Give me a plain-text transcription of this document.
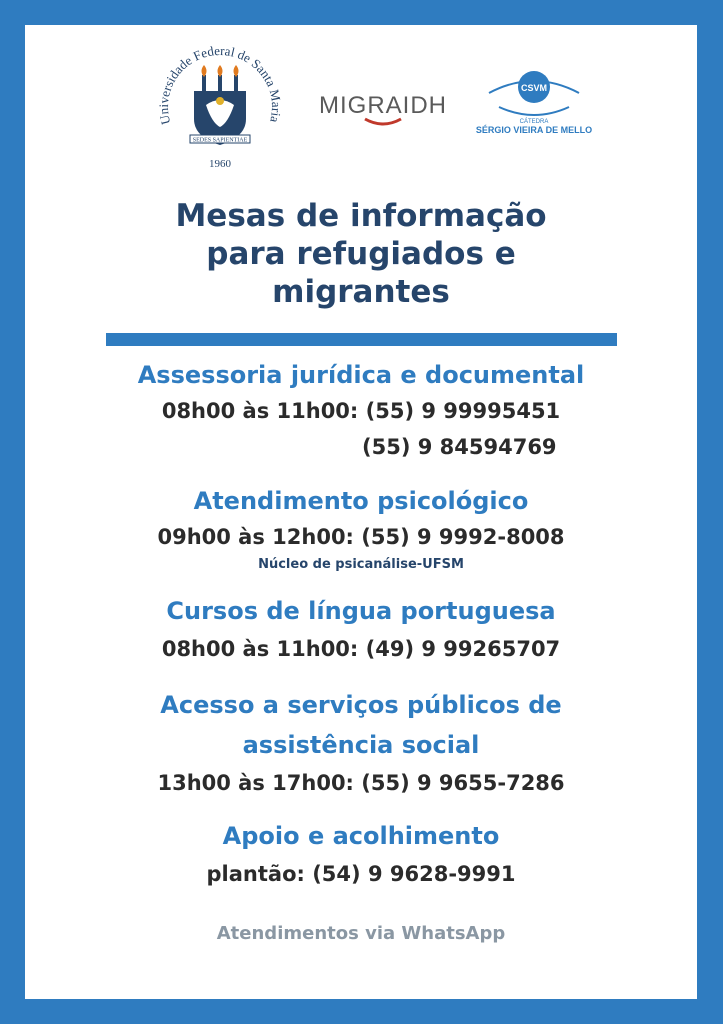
Universidade Federal de Santa Maria
SEDES SAPIENTIAE
1960
MIGRAIDH
CSVM
CÁTEDRA
SÉRGIO VIEIRA DE MELLO
Mesas de informação
para refugiados e
migrantes
Assessoria jurídica e documental
08h00 às 11h00: (55) 9 99995451
(55) 9 84594769
Atendimento psicológico
09h00 às 12h00: (55) 9 9992-8008
Núcleo de psicanálise-UFSM
Cursos de língua portuguesa
08h00 às 11h00: (49) 9 99265707
Acesso a serviços públicos de
assistência social
13h00 às 17h00: (55) 9 9655-7286
Apoio e acolhimento
plantão: (54) 9 9628-9991
Atendimentos via WhatsApp
